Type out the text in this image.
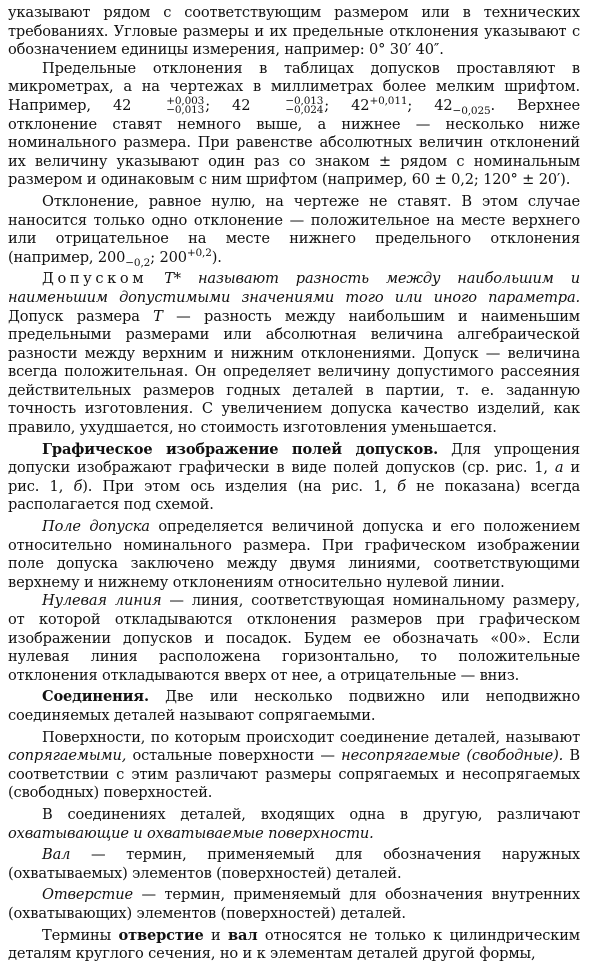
указывают рядом с соответствующим размером или в технических требованиях. Угловые размеры и их предельные отклонения указывают с обозначением единицы измерения, например: 0° 30′ 40″.

Предельные отклонения в таблицах допусков проставляют в микрометрах, а на чертежах в миллиметрах более мелким шрифтом. Например, 42	+0,003
−0,013 ; 42	−0,013
−0,024 ; $42^{+0,011}$; $42_{-0,025}$. Верхнее отклонение ставят немного выше, а нижнее — несколько ниже номинального размера. При равенстве абсолютных величин отклонений их величину указывают один раз со знаком ± рядом с номинальным размером и одинаковым с ним шрифтом (например, 60 ± 0,2; 120° ± 20′).

Отклонение, равное нулю, на чертеже не ставят. В этом случае наносится только одно отклонение — положительное на месте верхнего или отрицательное на месте нижнего предельного отклонения (например, $200_{-0,2}$; $200^{+0,2}$).

Допуском T* называют разность между наибольшим и наименьшим допустимыми значениями того или иного параметра. Допуск размера T — разность между наибольшим и наименьшим предельными размерами или абсолютная величина алгебраической разности между верхним и нижним отклонениями. Допуск — величина всегда положительная. Он определяет величину допустимого рассеяния действительных размеров годных деталей в партии, т. е. заданную точность изготовления. С увеличением допуска качество изделий, как правило, ухудшается, но стоимость изготовления уменьшается.

Графическое изображение полей допусков. Для упрощения допуски изображают графически в виде полей допусков (ср. рис. 1, а и рис. 1, б). При этом ось изделия (на рис. 1, б не показана) всегда располагается под схемой.

Поле допуска определяется величиной допуска и его положением относительно номинального размера. При графическом изображении поле допуска заключено между двумя линиями, соответствующими верхнему и нижнему отклонениям относительно нулевой линии.

Нулевая линия — линия, соответствующая номинальному размеру, от которой откладываются отклонения размеров при графическом изображении допусков и посадок. Будем ее обозначать «00». Если нулевая линия расположена горизонтально, то положительные отклонения откладываются вверх от нее, а отрицательные — вниз.

Соединения. Две или несколько подвижно или неподвижно соединяемых деталей называют сопрягаемыми.

Поверхности, по которым происходит соединение деталей, называют сопрягаемыми, остальные поверхности — несопрягаемые (свободные). В соответствии с этим различают размеры сопрягаемых и несопрягаемых (свободных) поверхностей.

В соединениях деталей, входящих одна в другую, различают охватывающие и охватываемые поверхности.

Вал — термин, применяемый для обозначения наружных (охватываемых) элементов (поверхностей) деталей.

Отверстие — термин, применяемый для обозначения внутренних (охватывающих) элементов (поверхностей) деталей.

Термины отверстие и вал относятся не только к цилиндрическим деталям круглого сечения, но и к элементам деталей другой формы,
